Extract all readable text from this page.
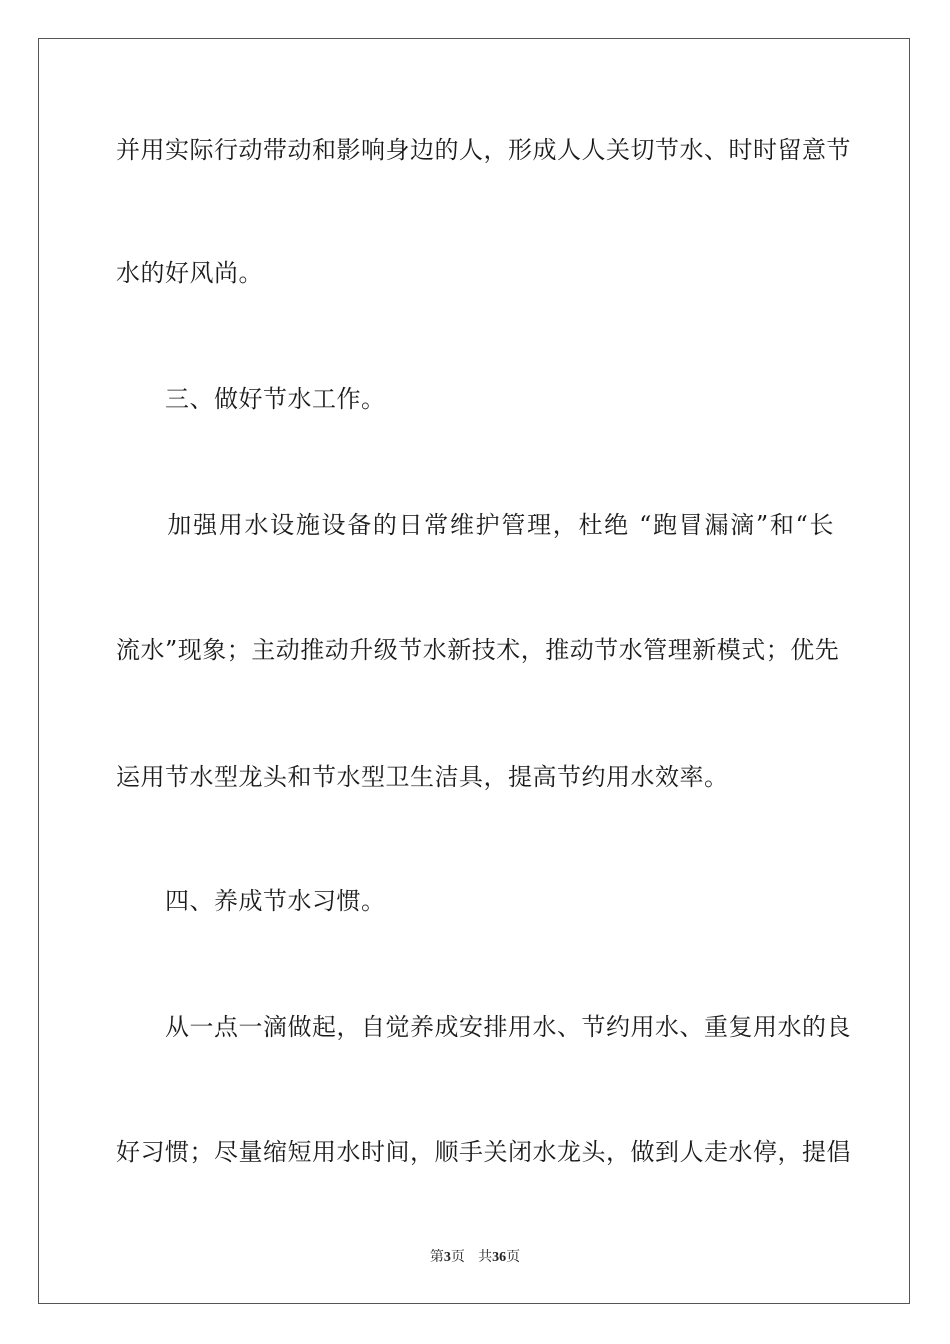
并用实际行动带动和影响身边的人，形成人人关切节水、时时留意节
水的好风尚。
　　三、做好节水工作。
　　加强用水设施设备的日常维护管理，杜绝 “跑冒漏滴”和“长
流水”现象；主动推动升级节水新技术，推动节水管理新模式；优先
运用节水型龙头和节水型卫生洁具，提高节约用水效率。
　　四、养成节水习惯。
　　从一点一滴做起，自觉养成安排用水、节约用水、重复用水的良
好习惯；尽量缩短用水时间，顺手关闭水龙头，做到人走水停，提倡
第3页 共36页
